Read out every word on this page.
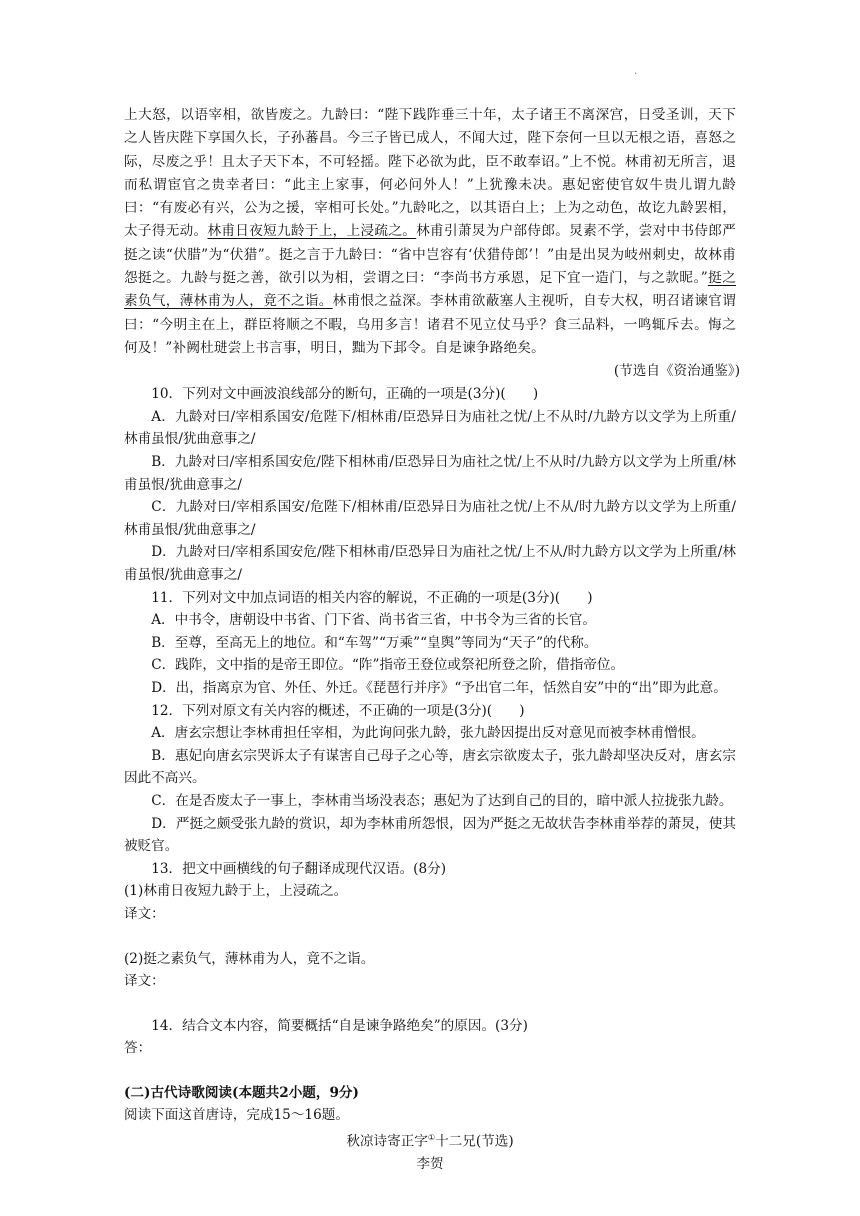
.

上大怒，以语宰相，欲皆废之。九龄曰：“陛下践阼垂三十年，太子诸王不离深宫，日受圣训，天下之人皆庆陛下享国久长，子孙蕃昌。今三子皆已成人，不闻大过，陛下奈何一旦以无根之语，喜怒之际，尽废之乎！且太子天下本，不可轻摇。陛下必欲为此，臣不敢奉诏。”上不悦。林甫初无所言，退而私谓宦官之贵幸者曰：“此主上家事，何必问外人！”上犹豫未决。惠妃密使官奴牛贵儿谓九龄曰：“有废必有兴，公为之援，宰相可长处。”九龄叱之，以其语白上；上为之动色，故讫九龄罢相，太子得无动。林甫日夜短九龄于上，上浸疏之。林甫引萧炅为户部侍郎。炅素不学，尝对中书侍郎严挺之读“伏腊”为“伏猎”。挺之言于九龄曰：“省中岂容有‘伏猎侍郎’！”由是出炅为岐州刺史，故林甫怨挺之。九龄与挺之善，欲引以为相，尝谓之曰：“李尚书方承恩，足下宜一造门，与之款昵。”挺之素负气，薄林甫为人，竟不之诣。林甫恨之益深。李林甫欲蔽塞人主视听，自专大权，明召诸谏官谓曰：“今明主在上，群臣将顺之不暇，乌用多言！诸君不见立仗马乎？食三品料，一鸣辄斥去。悔之何及！”补阙杜琎尝上书言事，明日，黜为下邽令。自是谏争路绝矣。

(节选自《资治通鉴》)

10．下列对文中画波浪线部分的断句，正确的一项是(3分)(　　)

A．九龄对曰/宰相系国安/危陛下/相林甫/臣恐异日为庙社之忧/上不从时/九龄方以文学为上所重/林甫虽恨/犹曲意事之/

B．九龄对曰/宰相系国安危/陛下相林甫/臣恐异日为庙社之忧/上不从时/九龄方以文学为上所重/林甫虽恨/犹曲意事之/

C．九龄对曰/宰相系国安/危陛下/相林甫/臣恐异日为庙社之忧/上不从/时九龄方以文学为上所重/林甫虽恨/犹曲意事之/

D．九龄对曰/宰相系国安危/陛下相林甫/臣恐异日为庙社之忧/上不从/时九龄方以文学为上所重/林甫虽恨/犹曲意事之/

11．下列对文中加点词语的相关内容的解说，不正确的一项是(3分)(　　)

A．中书令，唐朝设中书省、门下省、尚书省三省，中书令为三省的长官。

B．至尊，至高无上的地位。和“车驾”“万乘”“皇舆”等同为“天子”的代称。

C．践阼，文中指的是帝王即位。“阼”指帝王登位或祭祀所登之阶，借指帝位。

D．出，指离京为官、外任、外迁。《琵琶行并序》“予出官二年，恬然自安”中的“出”即为此意。

12．下列对原文有关内容的概述，不正确的一项是(3分)(　　)

A．唐玄宗想让李林甫担任宰相，为此询问张九龄，张九龄因提出反对意见而被李林甫憎恨。

B．惠妃向唐玄宗哭诉太子有谋害自己母子之心等，唐玄宗欲废太子，张九龄却坚决反对，唐玄宗因此不高兴。

C．在是否废太子一事上，李林甫当场没表态；惠妃为了达到自己的目的，暗中派人拉拢张九龄。

D．严挺之颇受张九龄的赏识，却为李林甫所怨恨，因为严挺之无故状告李林甫举荐的萧炅，使其被贬官。

13．把文中画横线的句子翻译成现代汉语。(8分)

(1)林甫日夜短九龄于上，上浸疏之。

译文：

(2)挺之素负气，薄林甫为人，竟不之诣。

译文：

14．结合文本内容，简要概括“自是谏争路绝矣”的原因。(3分)

答：

(二)古代诗歌阅读(本题共2小题，9分)

阅读下面这首唐诗，完成15～16题。

秋凉诗寄正字①十二兄(节选)

李贺
